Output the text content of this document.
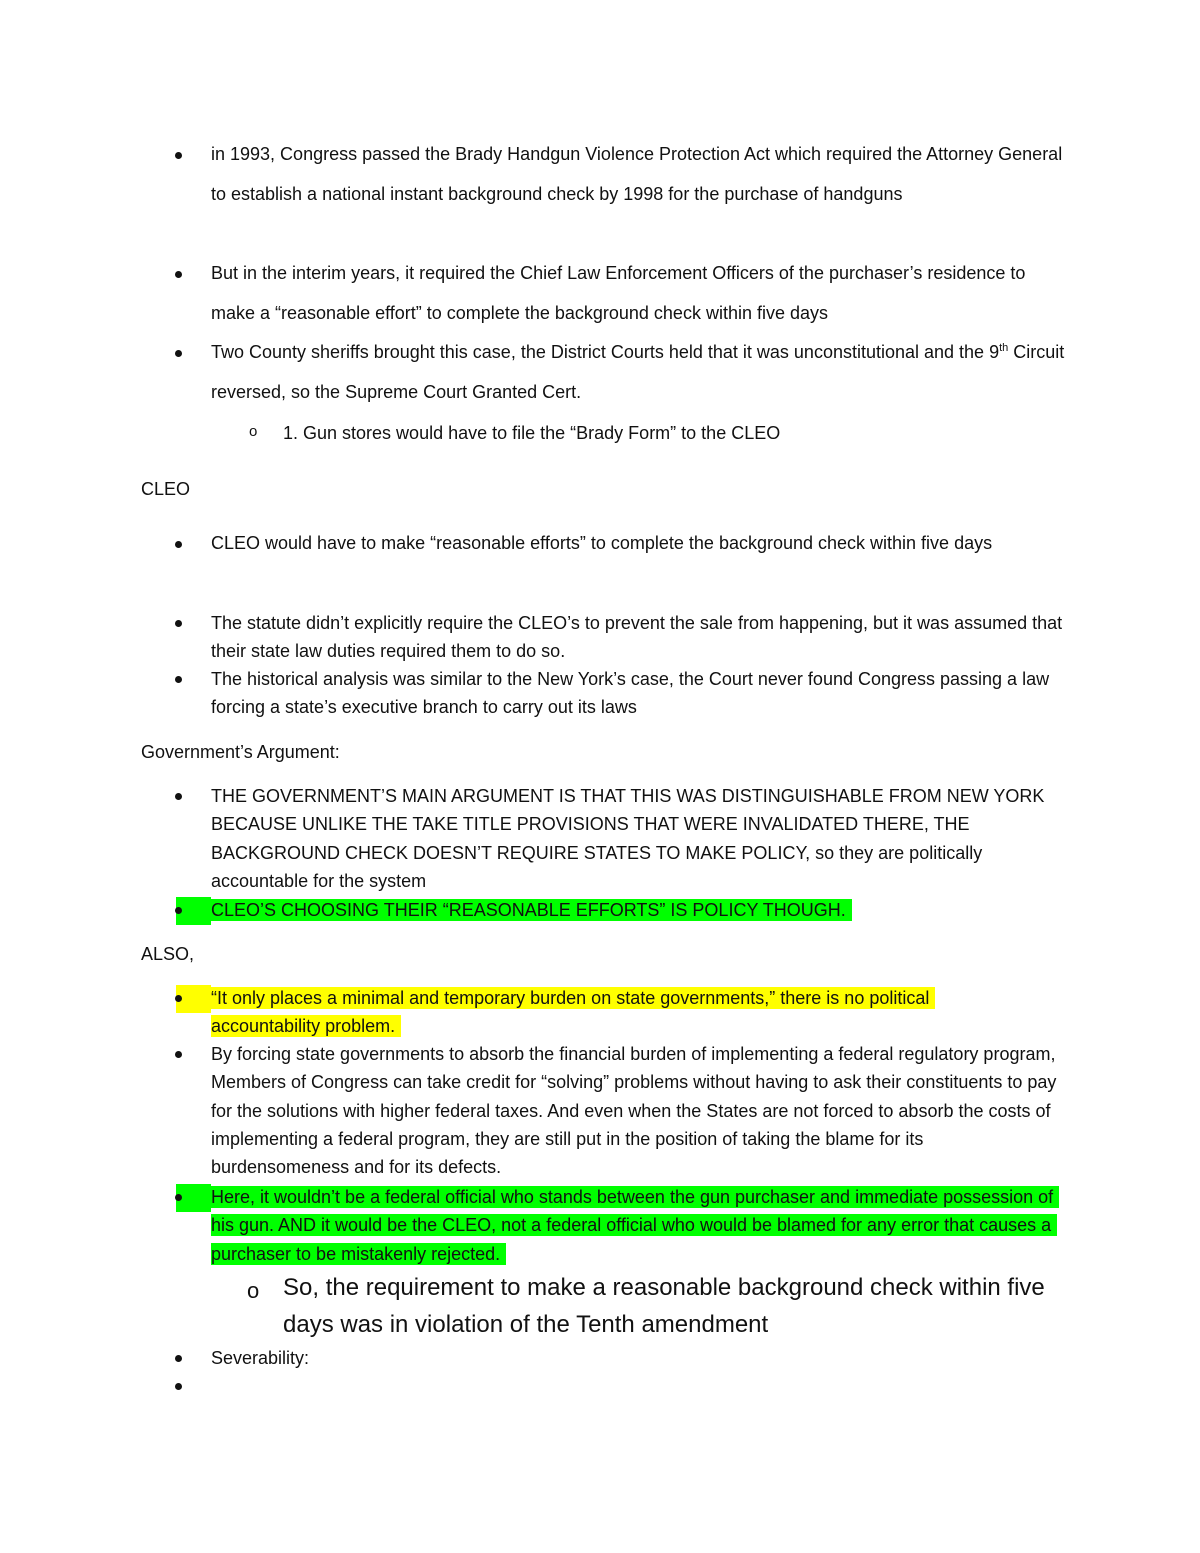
in 1993, Congress passed the Brady Handgun Violence Protection Act which required the Attorney General to establish a national instant background check by 1998 for the purchase of handguns
But in the interim years, it required the Chief Law Enforcement Officers of the purchaser’s residence to make a “reasonable effort” to complete the background check within five days
Two County sheriffs brought this case, the District Courts held that it was unconstitutional and the 9th Circuit reversed, so the Supreme Court Granted Cert.
o 1. Gun stores would have to file the “Brady Form” to the CLEO
CLEO
CLEO would have to make “reasonable efforts” to complete the background check within five days
The statute didn’t explicitly require the CLEO’s to prevent the sale from happening, but it was assumed that their state law duties required them to do so.
The historical analysis was similar to the New York’s case, the Court never found Congress passing a law forcing a state’s executive branch to carry out its laws
Government’s Argument:
THE GOVERNMENT’S MAIN ARGUMENT IS THAT THIS WAS DISTINGUISHABLE FROM NEW YORK BECAUSE UNLIKE THE TAKE TITLE PROVISIONS THAT WERE INVALIDATED THERE, THE BACKGROUND CHECK DOESN’T REQUIRE STATES TO MAKE POLICY, so they are politically accountable for the system
CLEO’S CHOOSING THEIR “REASONABLE EFFORTS” IS POLICY THOUGH.
ALSO,
“It only places a minimal and temporary burden on state governments,” there is no political accountability problem.
By forcing state governments to absorb the financial burden of implementing a federal regulatory program, Members of Congress can take credit for “solving” problems without having to ask their constituents to pay for the solutions with higher federal taxes. And even when the States are not forced to absorb the costs of implementing a federal program, they are still put in the position of taking the blame for its burdensomeness and for its defects.
Here, it wouldn’t be a federal official who stands between the gun purchaser and immediate possession of his gun. AND it would be the CLEO, not a federal official who would be blamed for any error that causes a purchaser to be mistakenly rejected.
o So, the requirement to make a reasonable background check within five days was in violation of the Tenth amendment
Severability:
